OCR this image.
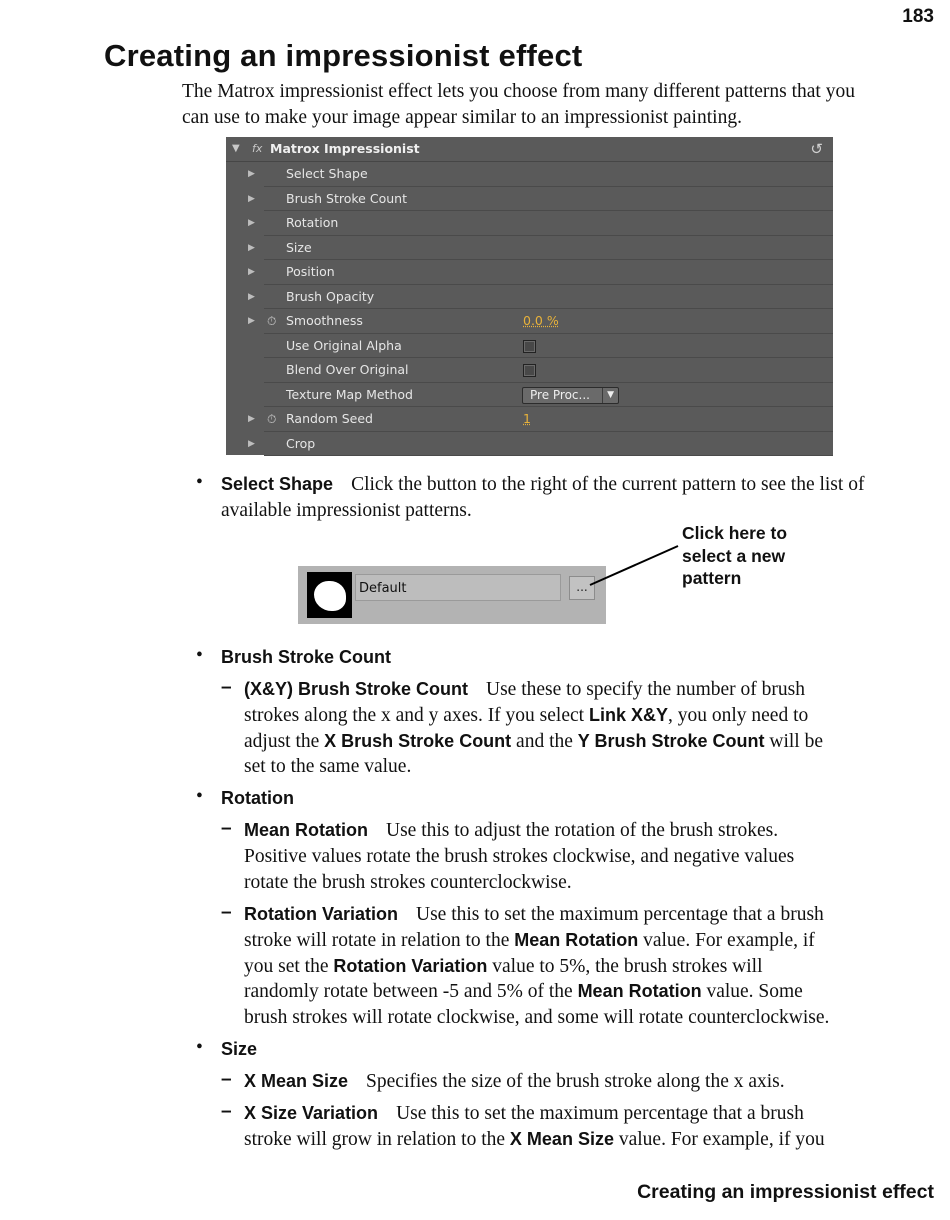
183
Creating an impressionist effect

The Matrox impressionist effect lets you choose from many different patterns that you can use to make your image appear similar to an impressionist painting.

▼ fx Matrox Impressionist	↺
▶ Select Shape
▶ Brush Stroke Count
▶ Rotation
▶ Size
▶ Position
▶ Brush Opacity
▶ ⏱ Smoothness	0.0 %
Use Original Alpha
Blend Over Original
Texture Map Method	Pre Proc...	▼
▶ ⏱ Random Seed	1
▶ Crop
• Select Shape Click the button to the right of the current pattern to see the list of available impressionist patterns.

Default	...
Click here to
select a new
pattern
• Brush Stroke Count
– (X&Y) Brush Stroke Count Use these to specify the number of brush
strokes along the x and y axes. If you select Link X&Y, you only need to
adjust the X Brush Stroke Count and the Y Brush Stroke Count will be
set to the same value.
• Rotation
– Mean Rotation Use this to adjust the rotation of the brush strokes.
Positive values rotate the brush strokes clockwise, and negative values
rotate the brush strokes counterclockwise.
– Rotation Variation Use this to set the maximum percentage that a brush
stroke will rotate in relation to the Mean Rotation value. For example, if
you set the Rotation Variation value to 5%, the brush strokes will
randomly rotate between -5 and 5% of the Mean Rotation value. Some
brush strokes will rotate clockwise, and some will rotate counterclockwise.
• Size
– X Mean Size Specifies the size of the brush stroke along the x axis.
– X Size Variation Use this to set the maximum percentage that a brush
stroke will grow in relation to the X Mean Size value. For example, if you
Creating an impressionist effect
